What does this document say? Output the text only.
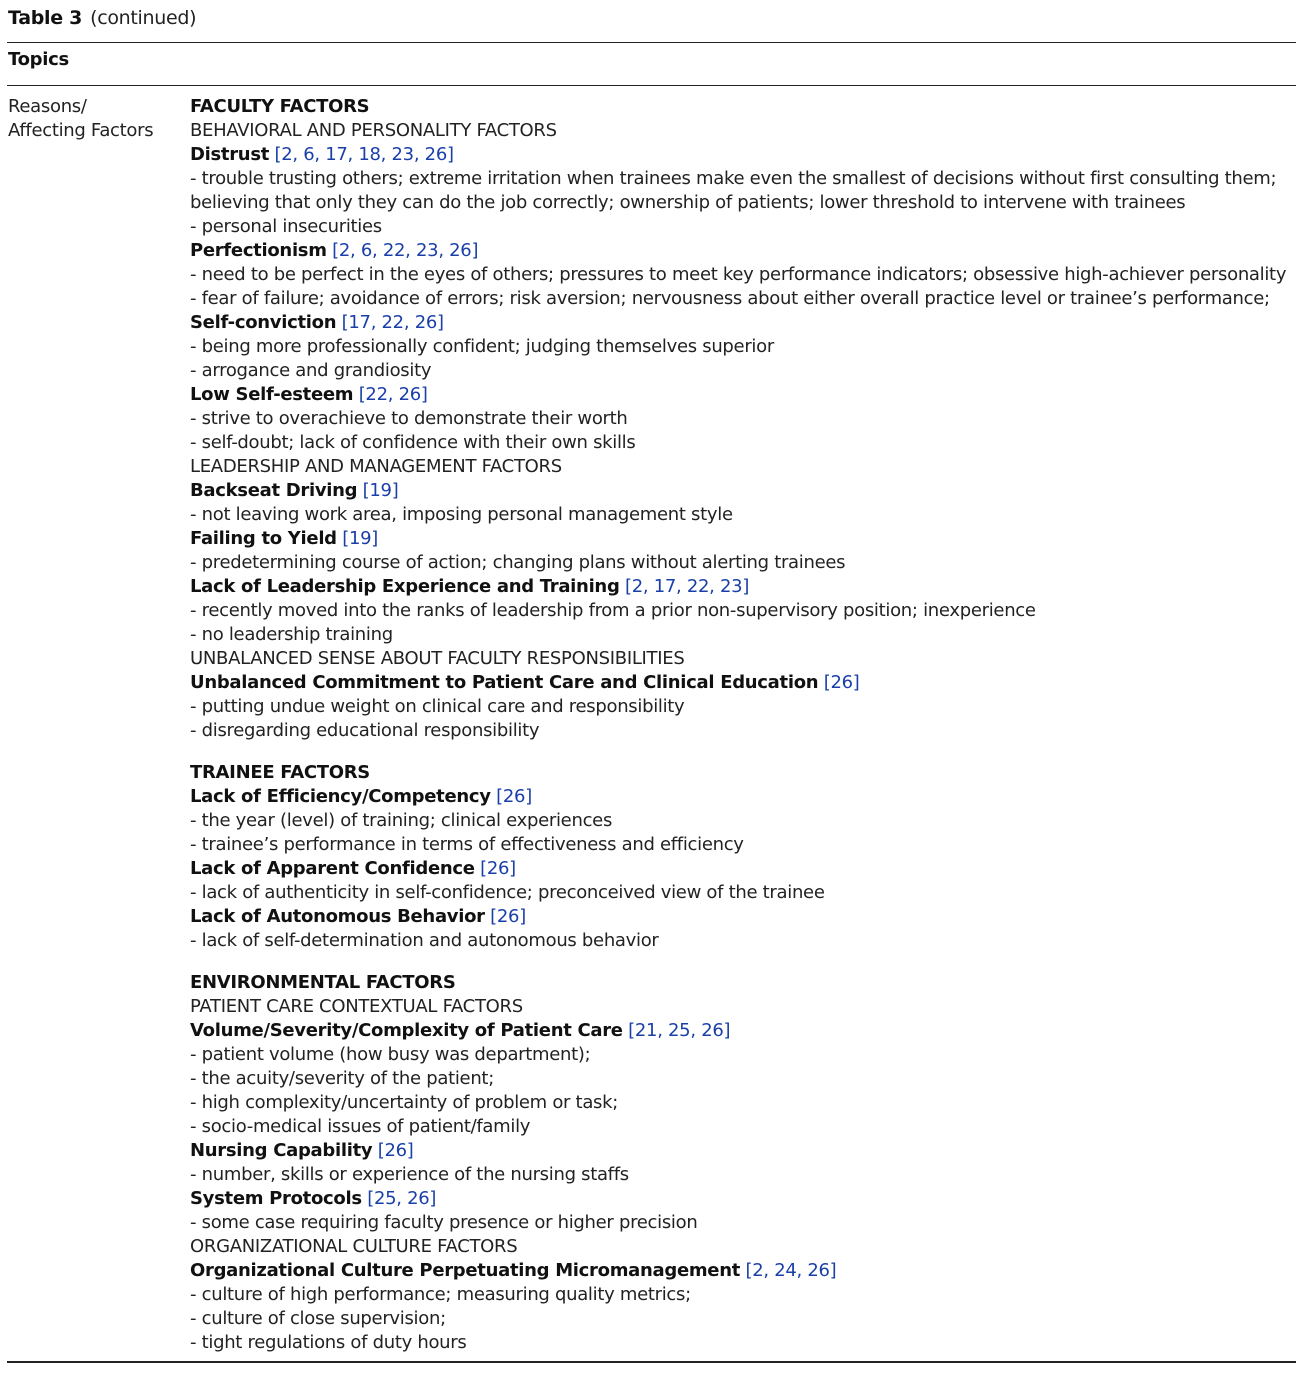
Table 3 (continued)
Topics
Reasons/
Affecting Factors
FACULTY FACTORS
BEHAVIORAL AND PERSONALITY FACTORS
Distrust [2, 6, 17, 18, 23, 26]
- trouble trusting others; extreme irritation when trainees make even the smallest of decisions without first consulting them;
believing that only they can do the job correctly; ownership of patients; lower threshold to intervene with trainees
- personal insecurities
Perfectionism [2, 6, 22, 23, 26]
- need to be perfect in the eyes of others; pressures to meet key performance indicators; obsessive high-achiever personality
- fear of failure; avoidance of errors; risk aversion; nervousness about either overall practice level or trainee’s performance;
Self-conviction [17, 22, 26]
- being more professionally confident; judging themselves superior
- arrogance and grandiosity
Low Self-esteem [22, 26]
- strive to overachieve to demonstrate their worth
- self-doubt; lack of confidence with their own skills
LEADERSHIP AND MANAGEMENT FACTORS
Backseat Driving [19]
- not leaving work area, imposing personal management style
Failing to Yield [19]
- predetermining course of action; changing plans without alerting trainees
Lack of Leadership Experience and Training [2, 17, 22, 23]
- recently moved into the ranks of leadership from a prior non-supervisory position; inexperience
- no leadership training
UNBALANCED SENSE ABOUT FACULTY RESPONSIBILITIES
Unbalanced Commitment to Patient Care and Clinical Education [26]
- putting undue weight on clinical care and responsibility
- disregarding educational responsibility
TRAINEE FACTORS
Lack of Efficiency/Competency [26]
- the year (level) of training; clinical experiences
- trainee’s performance in terms of effectiveness and efficiency
Lack of Apparent Confidence [26]
- lack of authenticity in self-confidence; preconceived view of the trainee
Lack of Autonomous Behavior [26]
- lack of self-determination and autonomous behavior
ENVIRONMENTAL FACTORS
PATIENT CARE CONTEXTUAL FACTORS
Volume/Severity/Complexity of Patient Care [21, 25, 26]
- patient volume (how busy was department);
- the acuity/severity of the patient;
- high complexity/uncertainty of problem or task;
- socio-medical issues of patient/family
Nursing Capability [26]
- number, skills or experience of the nursing staffs
System Protocols [25, 26]
- some case requiring faculty presence or higher precision
ORGANIZATIONAL CULTURE FACTORS
Organizational Culture Perpetuating Micromanagement [2, 24, 26]
- culture of high performance; measuring quality metrics;
- culture of close supervision;
- tight regulations of duty hours
